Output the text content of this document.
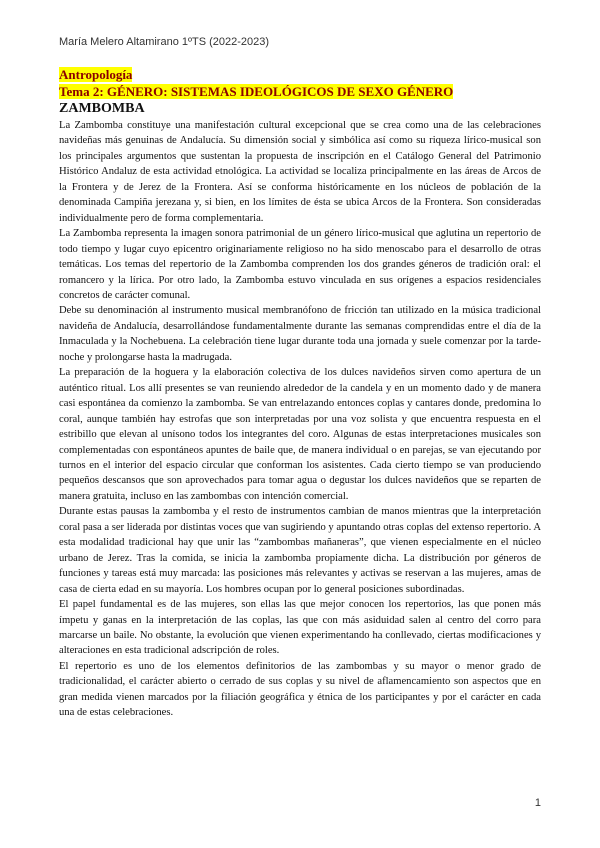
María Melero Altamirano 1ºTS (2022-2023)

Antropología

Tema 2: GÉNERO: SISTEMAS IDEOLÓGICOS DE SEXO GÉNERO

ZAMBOMBA

La Zambomba constituye una manifestación cultural excepcional que se crea como una de las celebraciones navideñas más genuinas de Andalucía. Su dimensión social y simbólica así como su riqueza lírico-musical son los principales argumentos que sustentan la propuesta de inscripción en el Catálogo General del Patrimonio Histórico Andaluz de esta actividad etnológica. La actividad se localiza principalmente en las áreas de Arcos de la Frontera y de Jerez de la Frontera. Así se conforma históricamente en los núcleos de población de la denominada Campiña jerezana y, si bien, en los límites de ésta se ubica Arcos de la Frontera. Son consideradas individualmente pero de forma complementaria.

La Zambomba representa la imagen sonora patrimonial de un género lírico-musical que aglutina un repertorio de todo tiempo y lugar cuyo epicentro originariamente religioso no ha sido menoscabo para el desarrollo de otras temáticas. Los temas del repertorio de la Zambomba comprenden los dos grandes géneros de tradición oral: el romancero y la lírica. Por otro lado, la Zambomba estuvo vinculada en sus orígenes a espacios residenciales concretos de carácter comunal.

Debe su denominación al instrumento musical membranófono de fricción tan utilizado en la música tradicional navideña de Andalucía, desarrollándose fundamentalmente durante las semanas comprendidas entre el día de la Inmaculada y la Nochebuena. La celebración tiene lugar durante toda una jornada y suele comenzar por la tarde-noche y prolongarse hasta la madrugada.

La preparación de la hoguera y la elaboración colectiva de los dulces navideños sirven como apertura de un auténtico ritual. Los allí presentes se van reuniendo alrededor de la candela y en un momento dado y de manera casi espontánea da comienzo la zambomba. Se van entrelazando entonces coplas y cantares donde, predomina lo coral, aunque también hay estrofas que son interpretadas por una voz solista y que encuentra respuesta en el estribillo que elevan al unísono todos los integrantes del coro. Algunas de estas interpretaciones musicales son complementadas con espontáneos apuntes de baile que, de manera individual o en parejas, se van ejecutando por turnos en el interior del espacio circular que conforman los asistentes. Cada cierto tiempo se van produciendo pequeños descansos que son aprovechados para tomar agua o degustar los dulces navideños que se reparten de manera gratuita, incluso en las zambombas con intención comercial.

Durante estas pausas la zambomba y el resto de instrumentos cambian de manos mientras que la interpretación coral pasa a ser liderada por distintas voces que van sugiriendo y apuntando otras coplas del extenso repertorio. A esta modalidad tradicional hay que unir las “zambombas mañaneras”, que vienen especialmente en el núcleo urbano de Jerez. Tras la comida, se inicia la zambomba propiamente dicha. La distribución por géneros de funciones y tareas está muy marcada: las posiciones más relevantes y activas se reservan a las mujeres, amas de casa de cierta edad en su mayoría. Los hombres ocupan por lo general posiciones subordinadas.

El papel fundamental es de las mujeres, son ellas las que mejor conocen los repertorios, las que ponen más ímpetu y ganas en la interpretación de las coplas, las que con más asiduidad salen al centro del corro para marcarse un baile. No obstante, la evolución que vienen experimentando ha conllevado, ciertas modificaciones y alteraciones en esta tradicional adscripción de roles.

El repertorio es uno de los elementos definitorios de las zambombas y su mayor o menor grado de tradicionalidad, el carácter abierto o cerrado de sus coplas y su nivel de aflamencamiento son aspectos que en gran medida vienen marcados por la filiación geográfica y étnica de los participantes y por el carácter en cada una de estas celebraciones.

1
